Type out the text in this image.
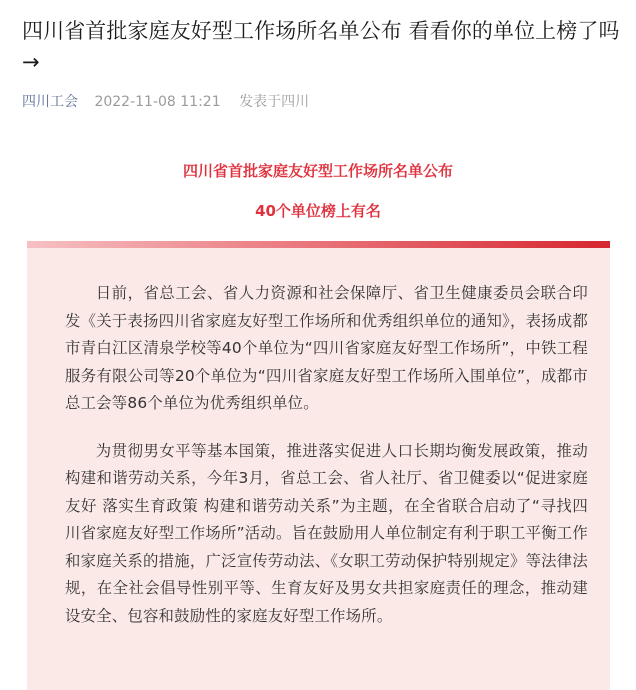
四川省首批家庭友好型工作场所名单公布 看看你的单位上榜了吗→
四川工会 2022-11-08 11:21 发表于四川
四川省首批家庭友好型工作场所名单公布
40个单位榜上有名

日前，省总工会、省人力资源和社会保障厅、省卫生健康委员会联合印发《关于表扬四川省家庭友好型工作场所和优秀组织单位的通知》，表扬成都市青白江区清泉学校等40个单位为“四川省家庭友好型工作场所”，中铁工程服务有限公司等20个单位为“四川省家庭友好型工作场所入围单位”，成都市总工会等86个单位为优秀组织单位。

为贯彻男女平等基本国策，推进落实促进人口长期均衡发展政策，推动构建和谐劳动关系，今年3月，省总工会、省人社厅、省卫健委以“促进家庭友好 落实生育政策 构建和谐劳动关系”为主题，在全省联合启动了“寻找四川省家庭友好型工作场所”活动。旨在鼓励用人单位制定有利于职工平衡工作和家庭关系的措施，广泛宣传劳动法、《女职工劳动保护特别规定》等法律法规，在全社会倡导性别平等、生育友好及男女共担家庭责任的理念，推动建设安全、包容和鼓励性的家庭友好型工作场所。
